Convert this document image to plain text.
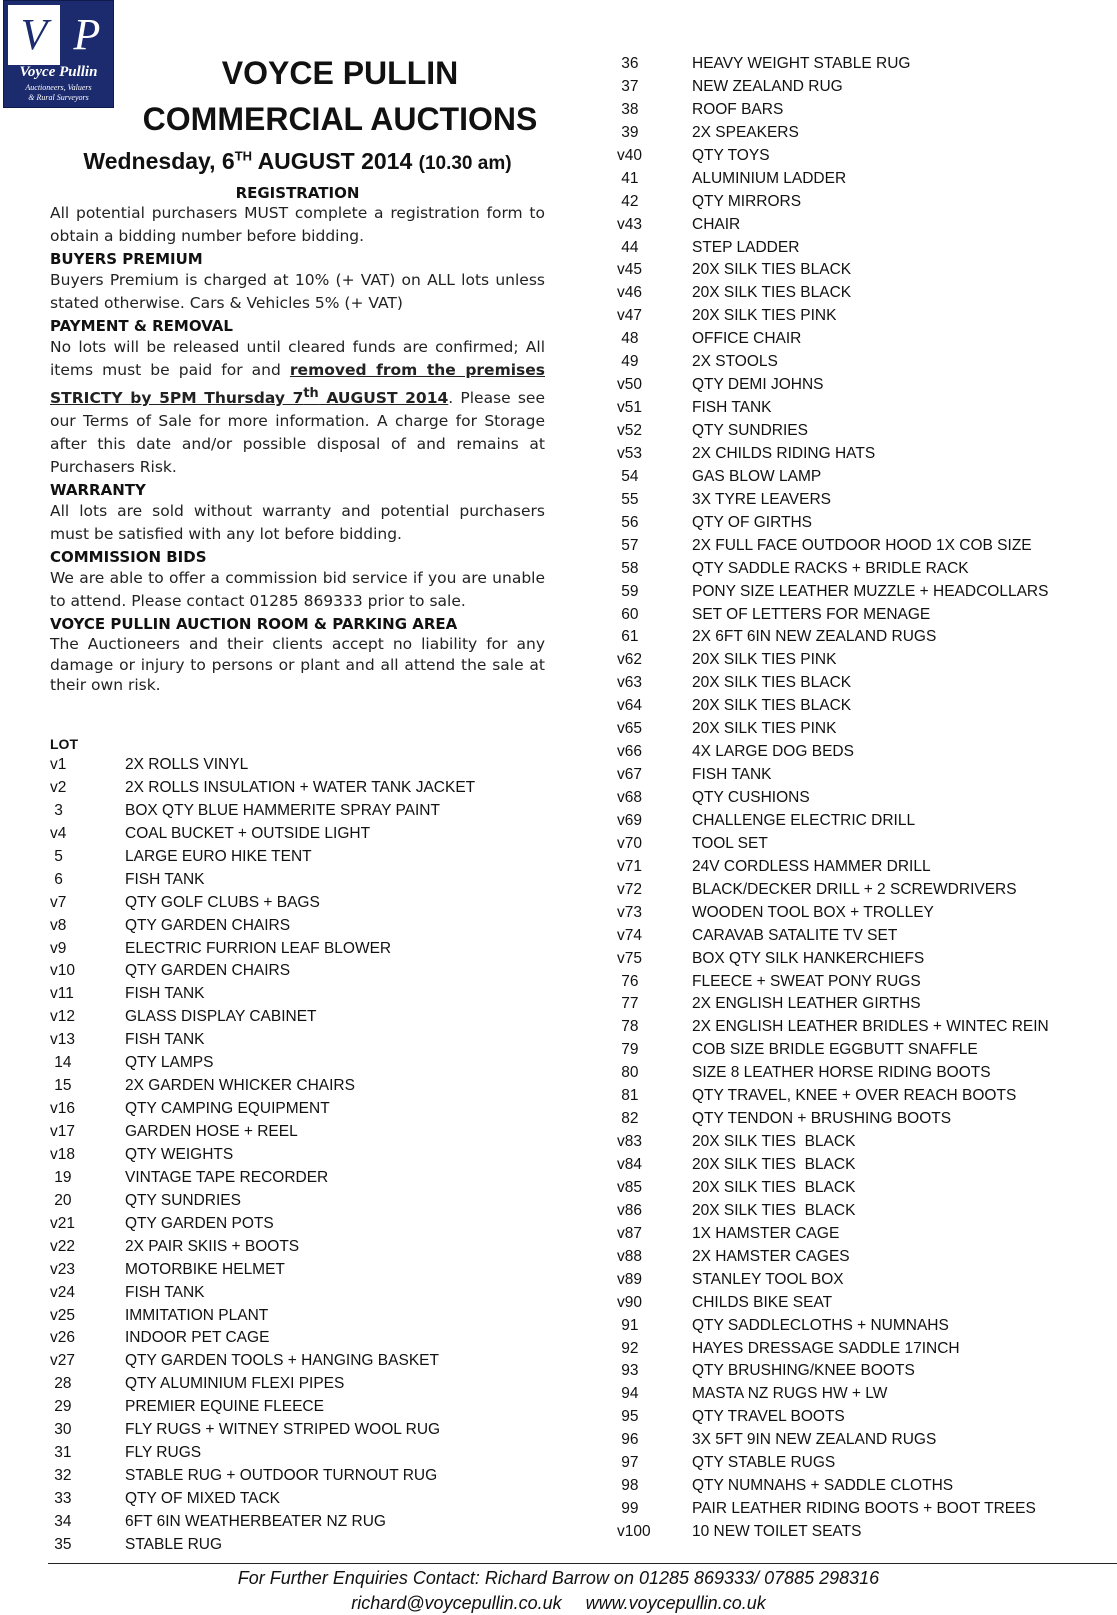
V P
Voyce Pullin
Auctioneers, Valuers
& Rural Surveyors
VOYCE PULLIN
COMMERCIAL AUCTIONS
Wednesday, 6TH AUGUST 2014 (10.30 am)

REGISTRATION

All potential purchasers MUST complete a registration form to obtain a bidding number before bidding.

BUYERS PREMIUM

Buyers Premium is charged at 10% (+ VAT) on ALL lots unless stated otherwise. Cars & Vehicles 5% (+ VAT)

PAYMENT & REMOVAL

No lots will be released until cleared funds are confirmed; All items must be paid for and removed from the premises STRICTY by 5PM Thursday 7th AUGUST 2014. Please see our Terms of Sale for more information. A charge for Storage after this date and/or possible disposal of and remains at Purchasers Risk.

WARRANTY

All lots are sold without warranty and potential purchasers must be satisfied with any lot before bidding.

COMMISSION BIDS

We are able to offer a commission bid service if you are unable to attend. Please contact 01285 869333 prior to sale.

VOYCE PULLIN AUCTION ROOM & PARKING AREA

The Auctioneers and their clients accept no liability for any damage or injury to persons or plant and all attend the sale at their own risk.

LOT
v1	2X ROLLS VINYL
v2	2X ROLLS INSULATION + WATER TANK JACKET
3	BOX QTY BLUE HAMMERITE SPRAY PAINT
v4	COAL BUCKET + OUTSIDE LIGHT
5	LARGE EURO HIKE TENT
6	FISH TANK
v7	QTY GOLF CLUBS + BAGS
v8	QTY GARDEN CHAIRS
v9	ELECTRIC FURRION LEAF BLOWER
v10	QTY GARDEN CHAIRS
v11	FISH TANK
v12	GLASS DISPLAY CABINET
v13	FISH TANK
14	QTY LAMPS
15	2X GARDEN WHICKER CHAIRS
v16	QTY CAMPING EQUIPMENT
v17	GARDEN HOSE + REEL
v18	QTY WEIGHTS
19	VINTAGE TAPE RECORDER
20	QTY SUNDRIES
v21	QTY GARDEN POTS
v22	2X PAIR SKIIS + BOOTS
v23	MOTORBIKE HELMET
v24	FISH TANK
v25	IMMITATION PLANT
v26	INDOOR PET CAGE
v27	QTY GARDEN TOOLS + HANGING BASKET
28	QTY ALUMINIUM FLEXI PIPES
29	PREMIER EQUINE FLEECE
30	FLY RUGS + WITNEY STRIPED WOOL RUG
31	FLY RUGS
32	STABLE RUG + OUTDOOR TURNOUT RUG
33	QTY OF MIXED TACK
34	6FT 6IN WEATHERBEATER NZ RUG
35	STABLE RUG
36	HEAVY WEIGHT STABLE RUG
37	NEW ZEALAND RUG
38	ROOF BARS
39	2X SPEAKERS
v40	QTY TOYS
41	ALUMINIUM LADDER
42	QTY MIRRORS
v43	CHAIR
44	STEP LADDER
v45	20X SILK TIES BLACK
v46	20X SILK TIES BLACK
v47	20X SILK TIES PINK
48	OFFICE CHAIR
49	2X STOOLS
v50	QTY DEMI JOHNS
v51	FISH TANK
v52	QTY SUNDRIES
v53	2X CHILDS RIDING HATS
54	GAS BLOW LAMP
55	3X TYRE LEAVERS
56	QTY OF GIRTHS
57	2X FULL FACE OUTDOOR HOOD 1X COB SIZE
58	QTY SADDLE RACKS + BRIDLE RACK
59	PONY SIZE LEATHER MUZZLE + HEADCOLLARS
60	SET OF LETTERS FOR MENAGE
61	2X 6FT 6IN NEW ZEALAND RUGS
v62	20X SILK TIES PINK
v63	20X SILK TIES BLACK
v64	20X SILK TIES BLACK
v65	20X SILK TIES PINK
v66	4X LARGE DOG BEDS
v67	FISH TANK
v68	QTY CUSHIONS
v69	CHALLENGE ELECTRIC DRILL
v70	TOOL SET
v71	24V CORDLESS HAMMER DRILL
v72	BLACK/DECKER DRILL + 2 SCREWDRIVERS
v73	WOODEN TOOL BOX + TROLLEY
v74	CARAVAB SATALITE TV SET
v75	BOX QTY SILK HANKERCHIEFS
76	FLEECE + SWEAT PONY RUGS
77	2X ENGLISH LEATHER GIRTHS
78	2X ENGLISH LEATHER BRIDLES + WINTEC REIN
79	COB SIZE BRIDLE EGGBUTT SNAFFLE
80	SIZE 8 LEATHER HORSE RIDING BOOTS
81	QTY TRAVEL, KNEE + OVER REACH BOOTS
82	QTY TENDON + BRUSHING BOOTS
v83	20X SILK TIES  BLACK
v84	20X SILK TIES  BLACK
v85	20X SILK TIES  BLACK
v86	20X SILK TIES  BLACK
v87	1X HAMSTER CAGE
v88	2X HAMSTER CAGES
v89	STANLEY TOOL BOX
v90	CHILDS BIKE SEAT
91	QTY SADDLECLOTHS + NUMNAHS
92	HAYES DRESSAGE SADDLE 17INCH
93	QTY BRUSHING/KNEE BOOTS
94	MASTA NZ RUGS HW + LW
95	QTY TRAVEL BOOTS
96	3X 5FT 9IN NEW ZEALAND RUGS
97	QTY STABLE RUGS
98	QTY NUMNAHS + SADDLE CLOTHS
99	PAIR LEATHER RIDING BOOTS + BOOT TREES
v100	10 NEW TOILET SEATS
For Further Enquiries Contact: Richard Barrow on 01285 869333/ 07885 298316
richard@voycepullin.co.uk www.voycepullin.co.uk
